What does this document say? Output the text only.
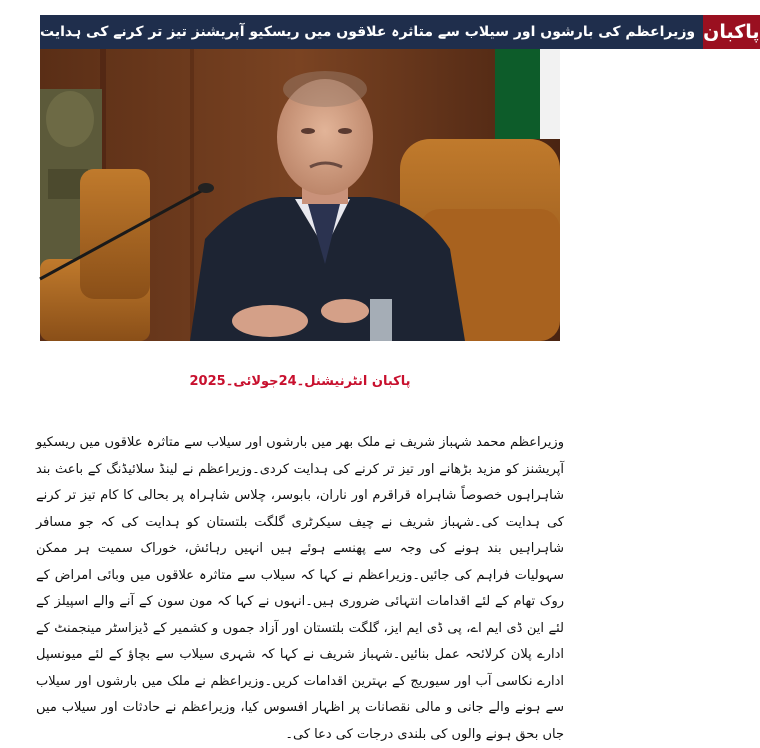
وزیراعظم کی بارشوں اور سیلاب سے متاثرہ علاقوں میں ریسکیو آپریشنز تیز تر کرنے کی ہدایت پاکبان
پاکبان انٹرنیشنل۔24جولائی۔2025
وزیراعظم محمد شہباز شریف نے ملک بھر میں بارشوں اور سیلاب سے متاثرہ علاقوں میں ریسکیو آپریشنز کو مزید بڑھانے اور تیز تر کرنے کی ہدایت کردی۔وزیراعظم نے لینڈ سلائیڈنگ کے باعث بند شاہراہوں خصوصاً شاہراہ قراقرم اور ناران، بابوسر، چلاس شاہراہ پر بحالی کا کام تیز تر کرنے کی ہدایت کی۔شہباز شریف نے چیف سیکرٹری گلگت بلتستان کو ہدایت کی کہ جو مسافر شاہراہیں بند ہونے کی وجہ سے پھنسے ہوئے ہیں انہیں رہائش، خوراک سمیت ہر ممکن سہولیات فراہم کی جائیں۔وزیراعظم نے کہا کہ سیلاب سے متاثرہ علاقوں میں وبائی امراض کے روک تھام کے لئے اقدامات انتہائی ضروری ہیں۔انہوں نے کہا کہ مون سون کے آنے والے اسپیلز کے لئے این ڈی ایم اے، پی ڈی ایم ایز، گلگت بلتستان اور آزاد جموں و کشمیر کے ڈیزاسٹر مینجمنٹ کے ادارے پلان کرلائحہ عمل بنائیں۔شہباز شریف نے کہا کہ شہری سیلاب سے بچاؤ کے لئے میونسپل ادارے نکاسی آب اور سیوریج کے بہترین اقدامات کریں۔وزیراعظم نے ملک میں بارشوں اور سیلاب سے ہونے والے جانی و مالی نقصانات پر اظہار افسوس کیا، وزیراعظم نے حادثات اور سیلاب میں جاں بحق ہونے والوں کی بلندی درجات کی دعا کی۔
